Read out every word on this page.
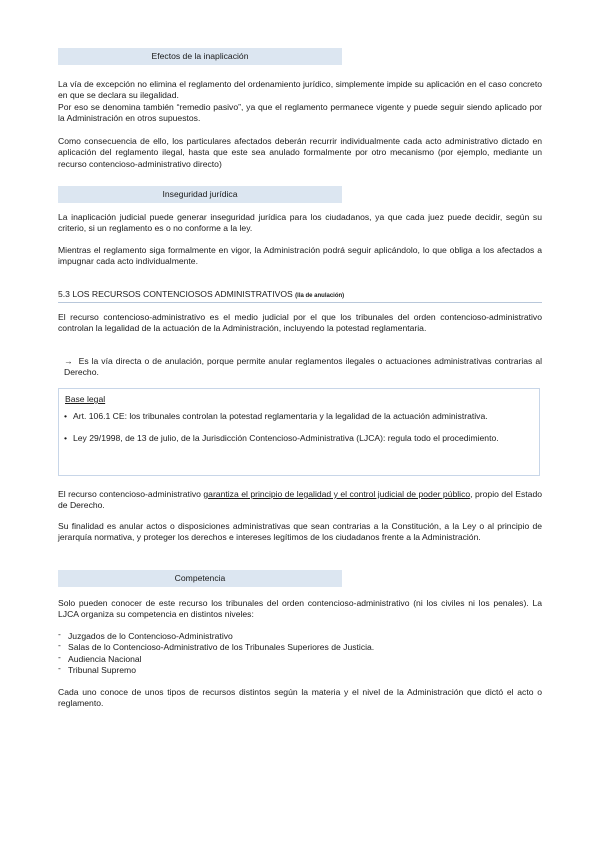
Efectos de la inaplicación

La vía de excepción no elimina el reglamento del ordenamiento jurídico, simplemente impide su aplicación en el caso concreto en que se declara su ilegalidad.
Por eso se denomina también “remedio pasivo”, ya que el reglamento permanece vigente y puede seguir siendo aplicado por la Administración en otros supuestos.

Como consecuencia de ello, los particulares afectados deberán recurrir individualmente cada acto administrativo dictado en aplicación del reglamento ilegal, hasta que este sea anulado formalmente por otro mecanismo (por ejemplo, mediante un recurso contencioso-administrativo directo)

Inseguridad jurídica

La inaplicación judicial puede generar inseguridad jurídica para los ciudadanos, ya que cada juez puede decidir, según su criterio, si un reglamento es o no conforme a la ley.

Mientras el reglamento siga formalmente en vigor, la Administración podrá seguir aplicándolo, lo que obliga a los afectados a impugnar cada acto individualmente.

5.3 LOS RECURSOS CONTENCIOSOS ADMINISTRATIVOS (lla de anulación)

El recurso contencioso-administrativo es el medio judicial por el que los tribunales del orden contencioso-administrativo controlan la legalidad de la actuación de la Administración, incluyendo la potestad reglamentaria.

→ Es la vía directa o de anulación, porque permite anular reglamentos ilegales o actuaciones administrativas contrarias al Derecho.

Base legal
• Art. 106.1 CE: los tribunales controlan la potestad reglamentaria y la legalidad de la actuación administrativa.
• Ley 29/1998, de 13 de julio, de la Jurisdicción Contencioso-Administrativa (LJCA): regula todo el procedimiento.

El recurso contencioso-administrativo garantiza el principio de legalidad y el control judicial de poder público, propio del Estado de Derecho.

Su finalidad es anular actos o disposiciones administrativas que sean contrarias a la Constitución, a la Ley o al principio de jerarquía normativa, y proteger los derechos e intereses legítimos de los ciudadanos frente a la Administración.

Competencia

Solo pueden conocer de este recurso los tribunales del orden contencioso-administrativo (ni los civiles ni los penales). La LJCA organiza su competencia en distintos niveles:

- Juzgados de lo Contencioso-Administrativo
- Salas de lo Contencioso-Administrativo de los Tribunales Superiores de Justicia.
- Audiencia Nacional
- Tribunal Supremo

Cada uno conoce de unos tipos de recursos distintos según la materia y el nivel de la Administración que dictó el acto o reglamento.
